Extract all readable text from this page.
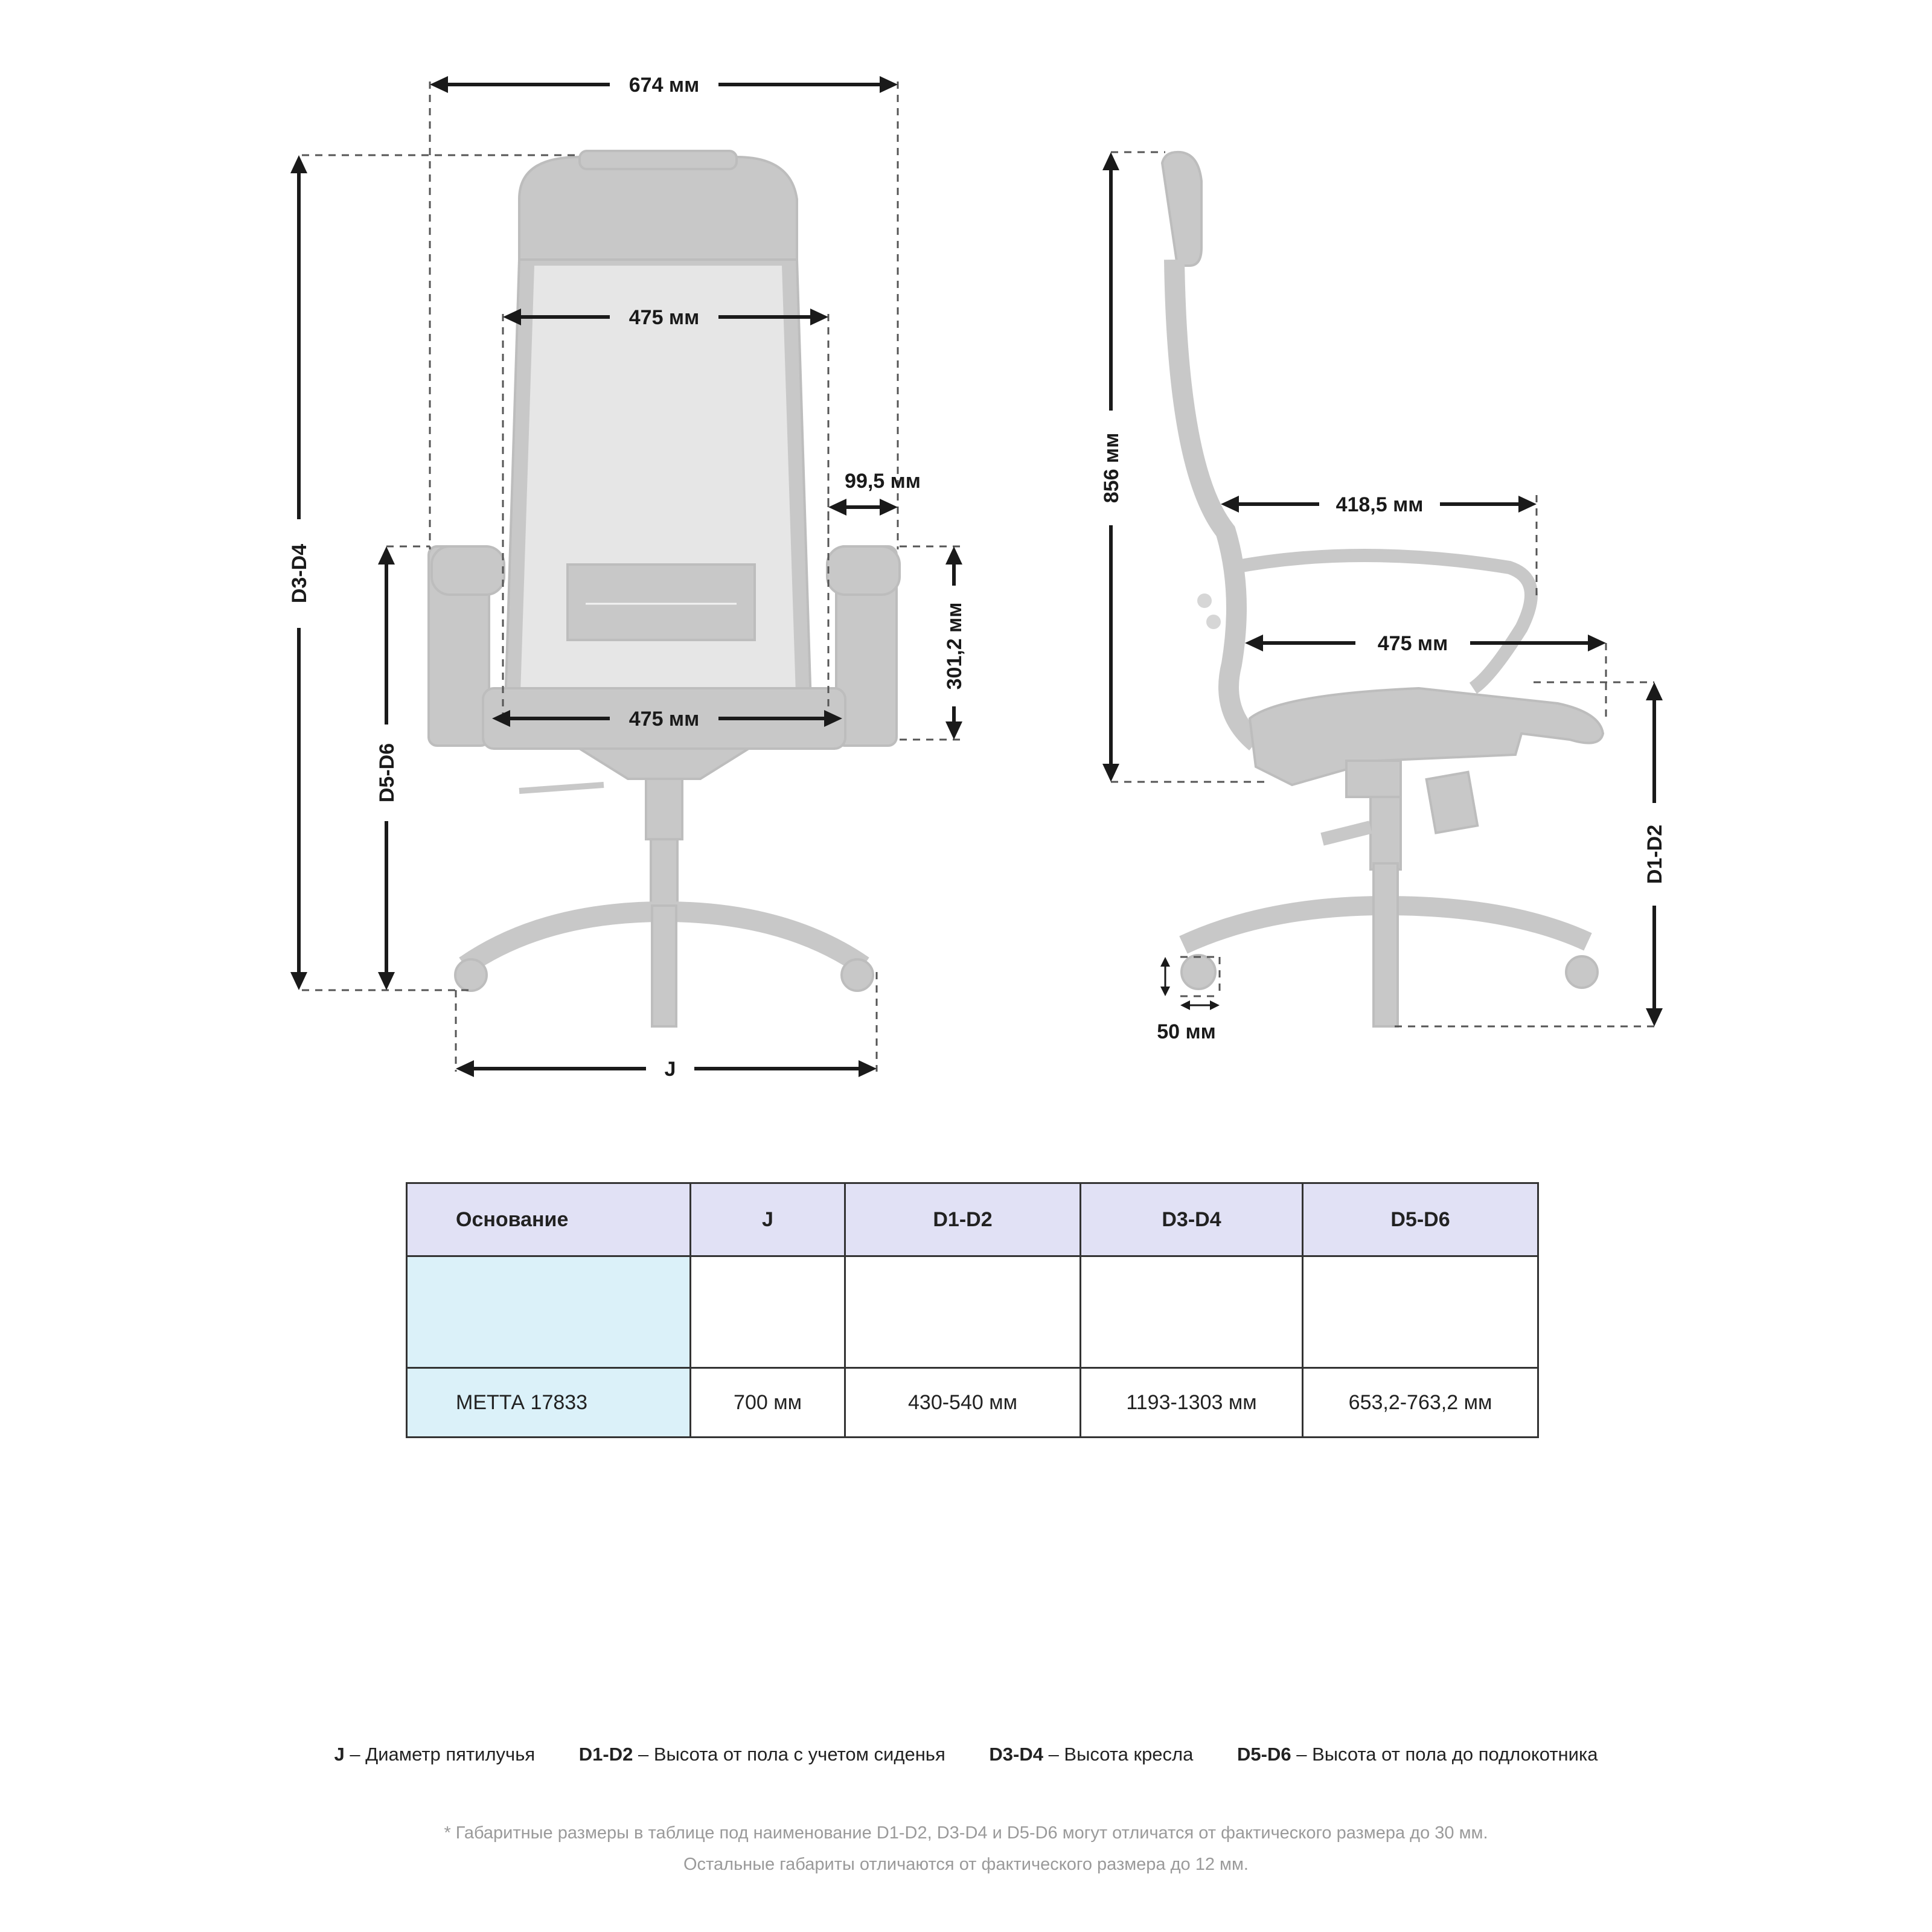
674 мм
475 мм
99,5 мм
301,2 мм
475 мм
D3-D4
D5-D6
J
856 мм
418,5 мм
475 мм
D1-D2
50 мм
Основание	J	D1-D2	D3-D4	D5-D6

МЕТТА 17833	700 мм	430-540 мм	1193-1303 мм	653,2-763,2 мм
J – Диаметр пятилучья D1-D2 – Высота от пола с учетом сиденья D3-D4 – Высота кресла D5-D6 – Высота от пола до подлокотника
* Габаритные размеры в таблице под наименование D1-D2, D3-D4 и D5-D6 могут отличатся от фактического размера до 30 мм.
Остальные габариты отличаются от фактического размера до 12 мм.
